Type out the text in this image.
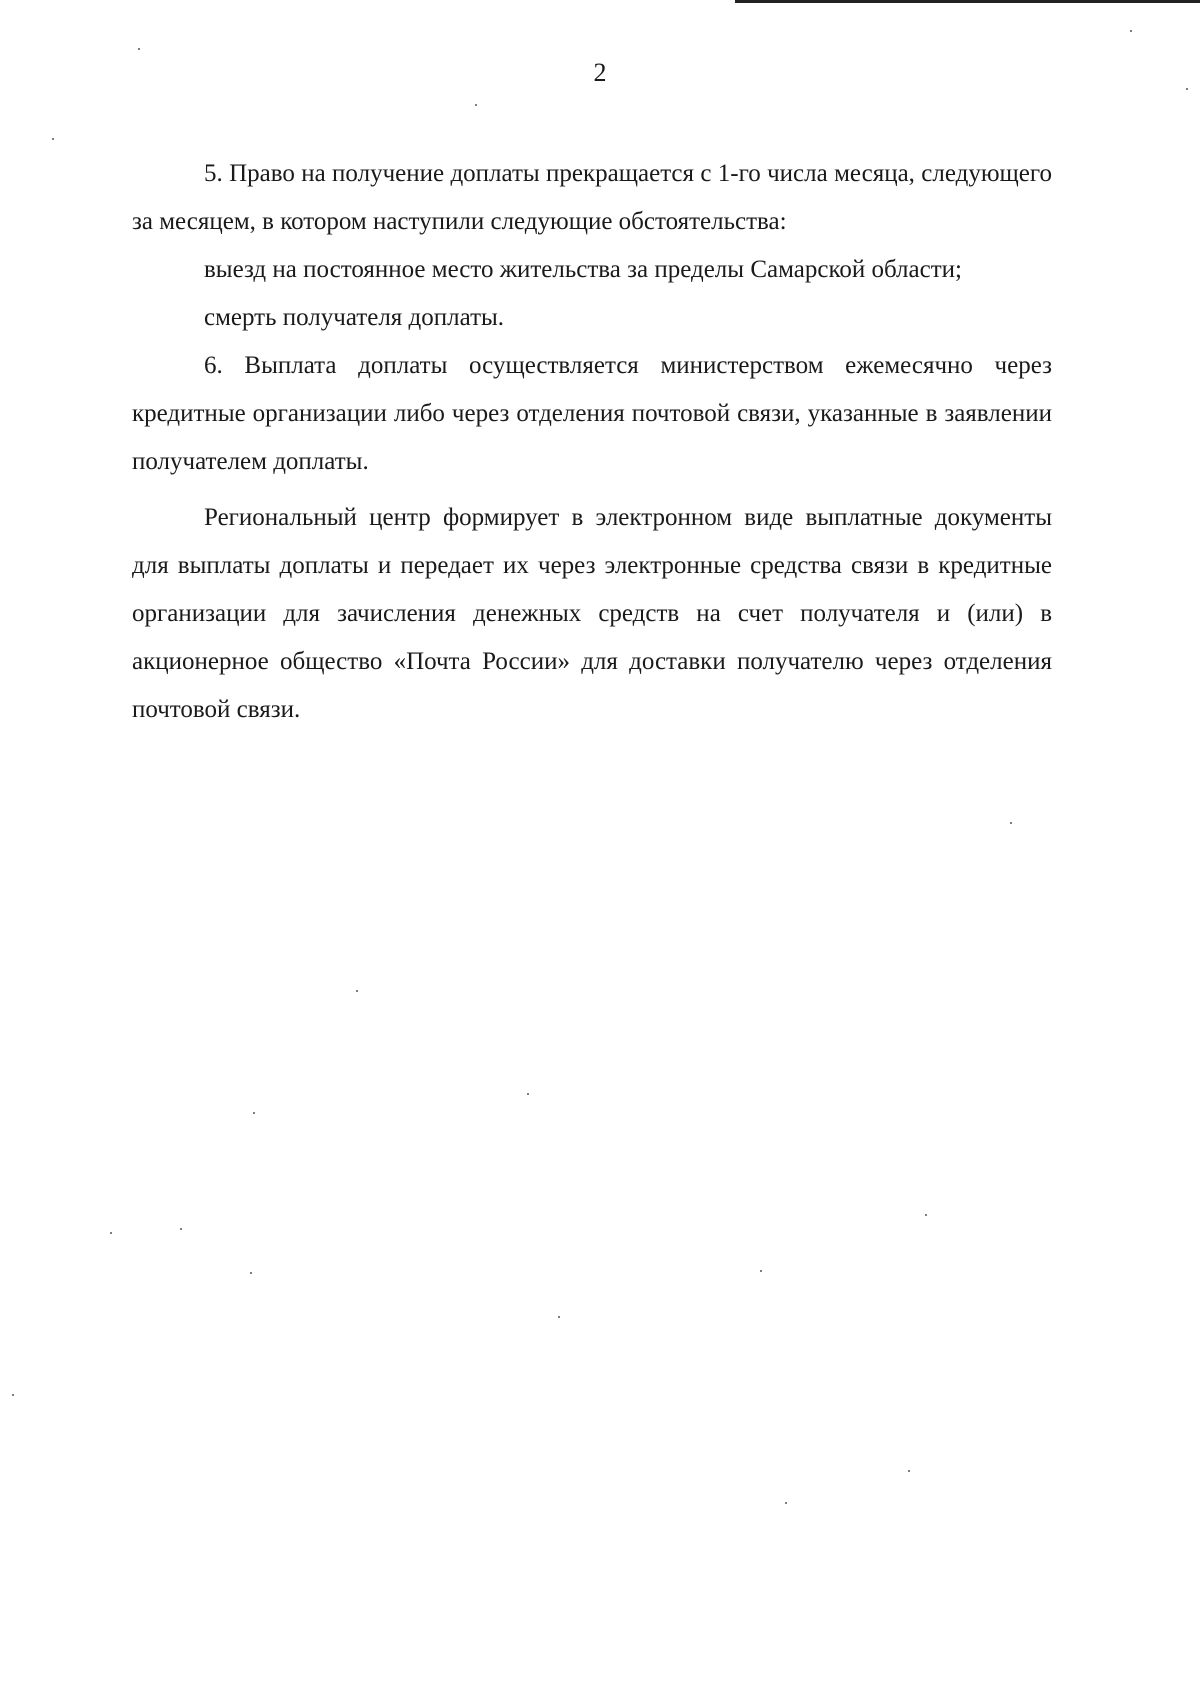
2

5. Право на получение доплаты прекращается с 1-го числа месяца, следующего за месяцем, в котором наступили следующие обстоятельства:

выезд на постоянное место жительства за пределы Самарской области;

смерть получателя доплаты.

6. Выплата доплаты осуществляется министерством ежемесячно через кредитные организации либо через отделения почтовой связи, указанные в заявлении получателем доплаты.

Региональный центр формирует в электронном виде выплатные документы для выплаты доплаты и передает их через электронные средства связи в кредитные организации для зачисления денежных средств на счет получателя и (или) в акционерное общество «Почта России» для доставки получателю через отделения почтовой связи.
